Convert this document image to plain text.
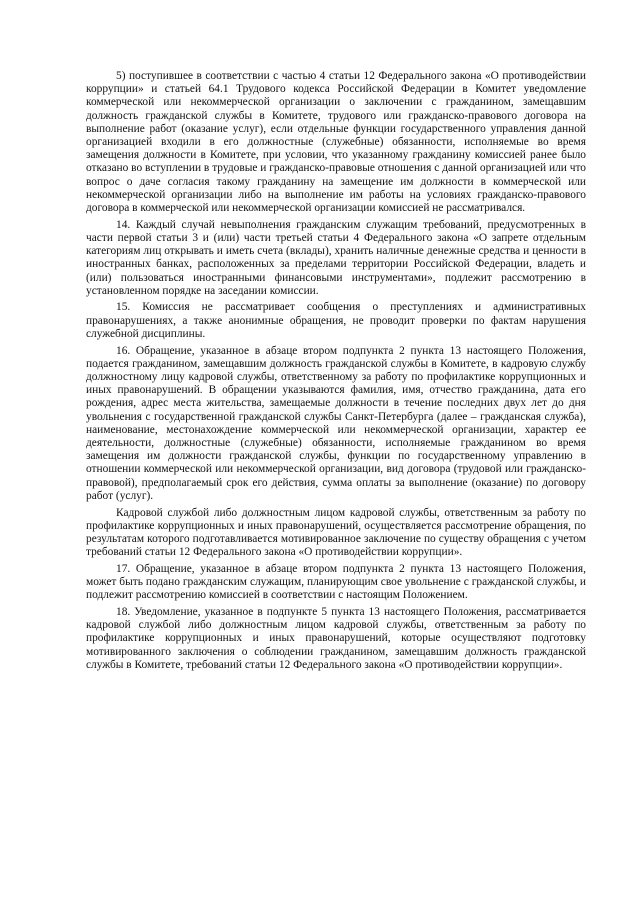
5) поступившее в соответствии с частью 4 статьи 12 Федерального закона «О противодействии коррупции» и статьей 64.1 Трудового кодекса Российской Федерации в Комитет уведомление коммерческой или некоммерческой организации о заключении с гражданином, замещавшим должность гражданской службы в Комитете, трудового или гражданско-правового договора на выполнение работ (оказание услуг), если отдельные функции государственного управления данной организацией входили в его должностные (служебные) обязанности, исполняемые во время замещения должности в Комитете, при условии, что указанному гражданину комиссией ранее было отказано во вступлении в трудовые и гражданско-правовые отношения с данной организацией или что вопрос о даче согласия такому гражданину на замещение им должности в коммерческой или некоммерческой организации либо на выполнение им работы на условиях гражданско-правового договора в коммерческой или некоммерческой организации комиссией не рассматривался.

14. Каждый случай невыполнения гражданским служащим требований, предусмотренных в части первой статьи 3 и (или) части третьей статьи 4 Федерального закона «О запрете отдельным категориям лиц открывать и иметь счета (вклады), хранить наличные денежные средства и ценности в иностранных банках, расположенных за пределами территории Российской Федерации, владеть и (или) пользоваться иностранными финансовыми инструментами», подлежит рассмотрению в установленном порядке на заседании комиссии.

15. Комиссия не рассматривает сообщения о преступлениях и административных правонарушениях, а также анонимные обращения, не проводит проверки по фактам нарушения служебной дисциплины.

16. Обращение, указанное в абзаце втором подпункта 2 пункта 13 настоящего Положения, подается гражданином, замещавшим должность гражданской службы в Комитете, в кадровую службу должностному лицу кадровой службы, ответственному за работу по профилактике коррупционных и иных правонарушений. В обращении указываются фамилия, имя, отчество гражданина, дата его рождения, адрес места жительства, замещаемые должности в течение последних двух лет до дня увольнения с государственной гражданской службы Санкт-Петербурга (далее – гражданская служба), наименование, местонахождение коммерческой или некоммерческой организации, характер ее деятельности, должностные (служебные) обязанности, исполняемые гражданином во время замещения им должности гражданской службы, функции по государственному управлению в отношении коммерческой или некоммерческой организации, вид договора (трудовой или гражданско-правовой), предполагаемый срок его действия, сумма оплаты за выполнение (оказание) по договору работ (услуг).

Кадровой службой либо должностным лицом кадровой службы, ответственным за работу по профилактике коррупционных и иных правонарушений, осуществляется рассмотрение обращения, по результатам которого подготавливается мотивированное заключение по существу обращения с учетом требований статьи 12 Федерального закона «О противодействии коррупции».

17. Обращение, указанное в абзаце втором подпункта 2 пункта 13 настоящего Положения, может быть подано гражданским служащим, планирующим свое увольнение с гражданской службы, и подлежит рассмотрению комиссией в соответствии с настоящим Положением.

18. Уведомление, указанное в подпункте 5 пункта 13 настоящего Положения, рассматривается кадровой службой либо должностным лицом кадровой службы, ответственным за работу по профилактике коррупционных и иных правонарушений, которые осуществляют подготовку мотивированного заключения о соблюдении гражданином, замещавшим должность гражданской службы в Комитете, требований статьи 12 Федерального закона «О противодействии коррупции».
